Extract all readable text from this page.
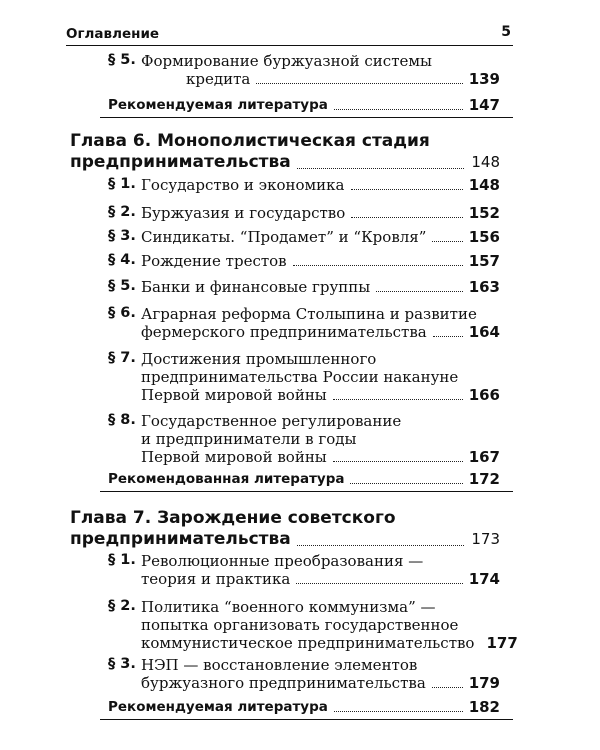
Оглавление	5
§ 5. Формирование буржуазной системы
кредита	139
Рекомендуемая литература	147
Глава 6. Монополистическая стадия
предпринимательства	148
§ 1. Государство и экономика	148
§ 2. Буржуазия и государство	152
§ 3. Синдикаты. “Продамет” и “Кровля”	156
§ 4. Рождение трестов	157
§ 5. Банки и финансовые группы	163
§ 6. Аграрная реформа Столыпина и развитие
фермерского предпринимательства	164
§ 7. Достижения промышленного
предпринимательства России накануне
Первой мировой войны	166
§ 8. Государственное регулирование
и предприниматели в годы
Первой мировой войны	167
Рекомендованная литература	172
Глава 7. Зарождение советского
предпринимательства	173
§ 1. Революционные преобразования —
теория и практика	174
§ 2. Политика “военного коммунизма” —
попытка организовать государственное
коммунистическое предпринимательство 177
§ 3. НЭП — восстановление элементов
буржуазного предпринимательства	179
Рекомендуемая литература	182
